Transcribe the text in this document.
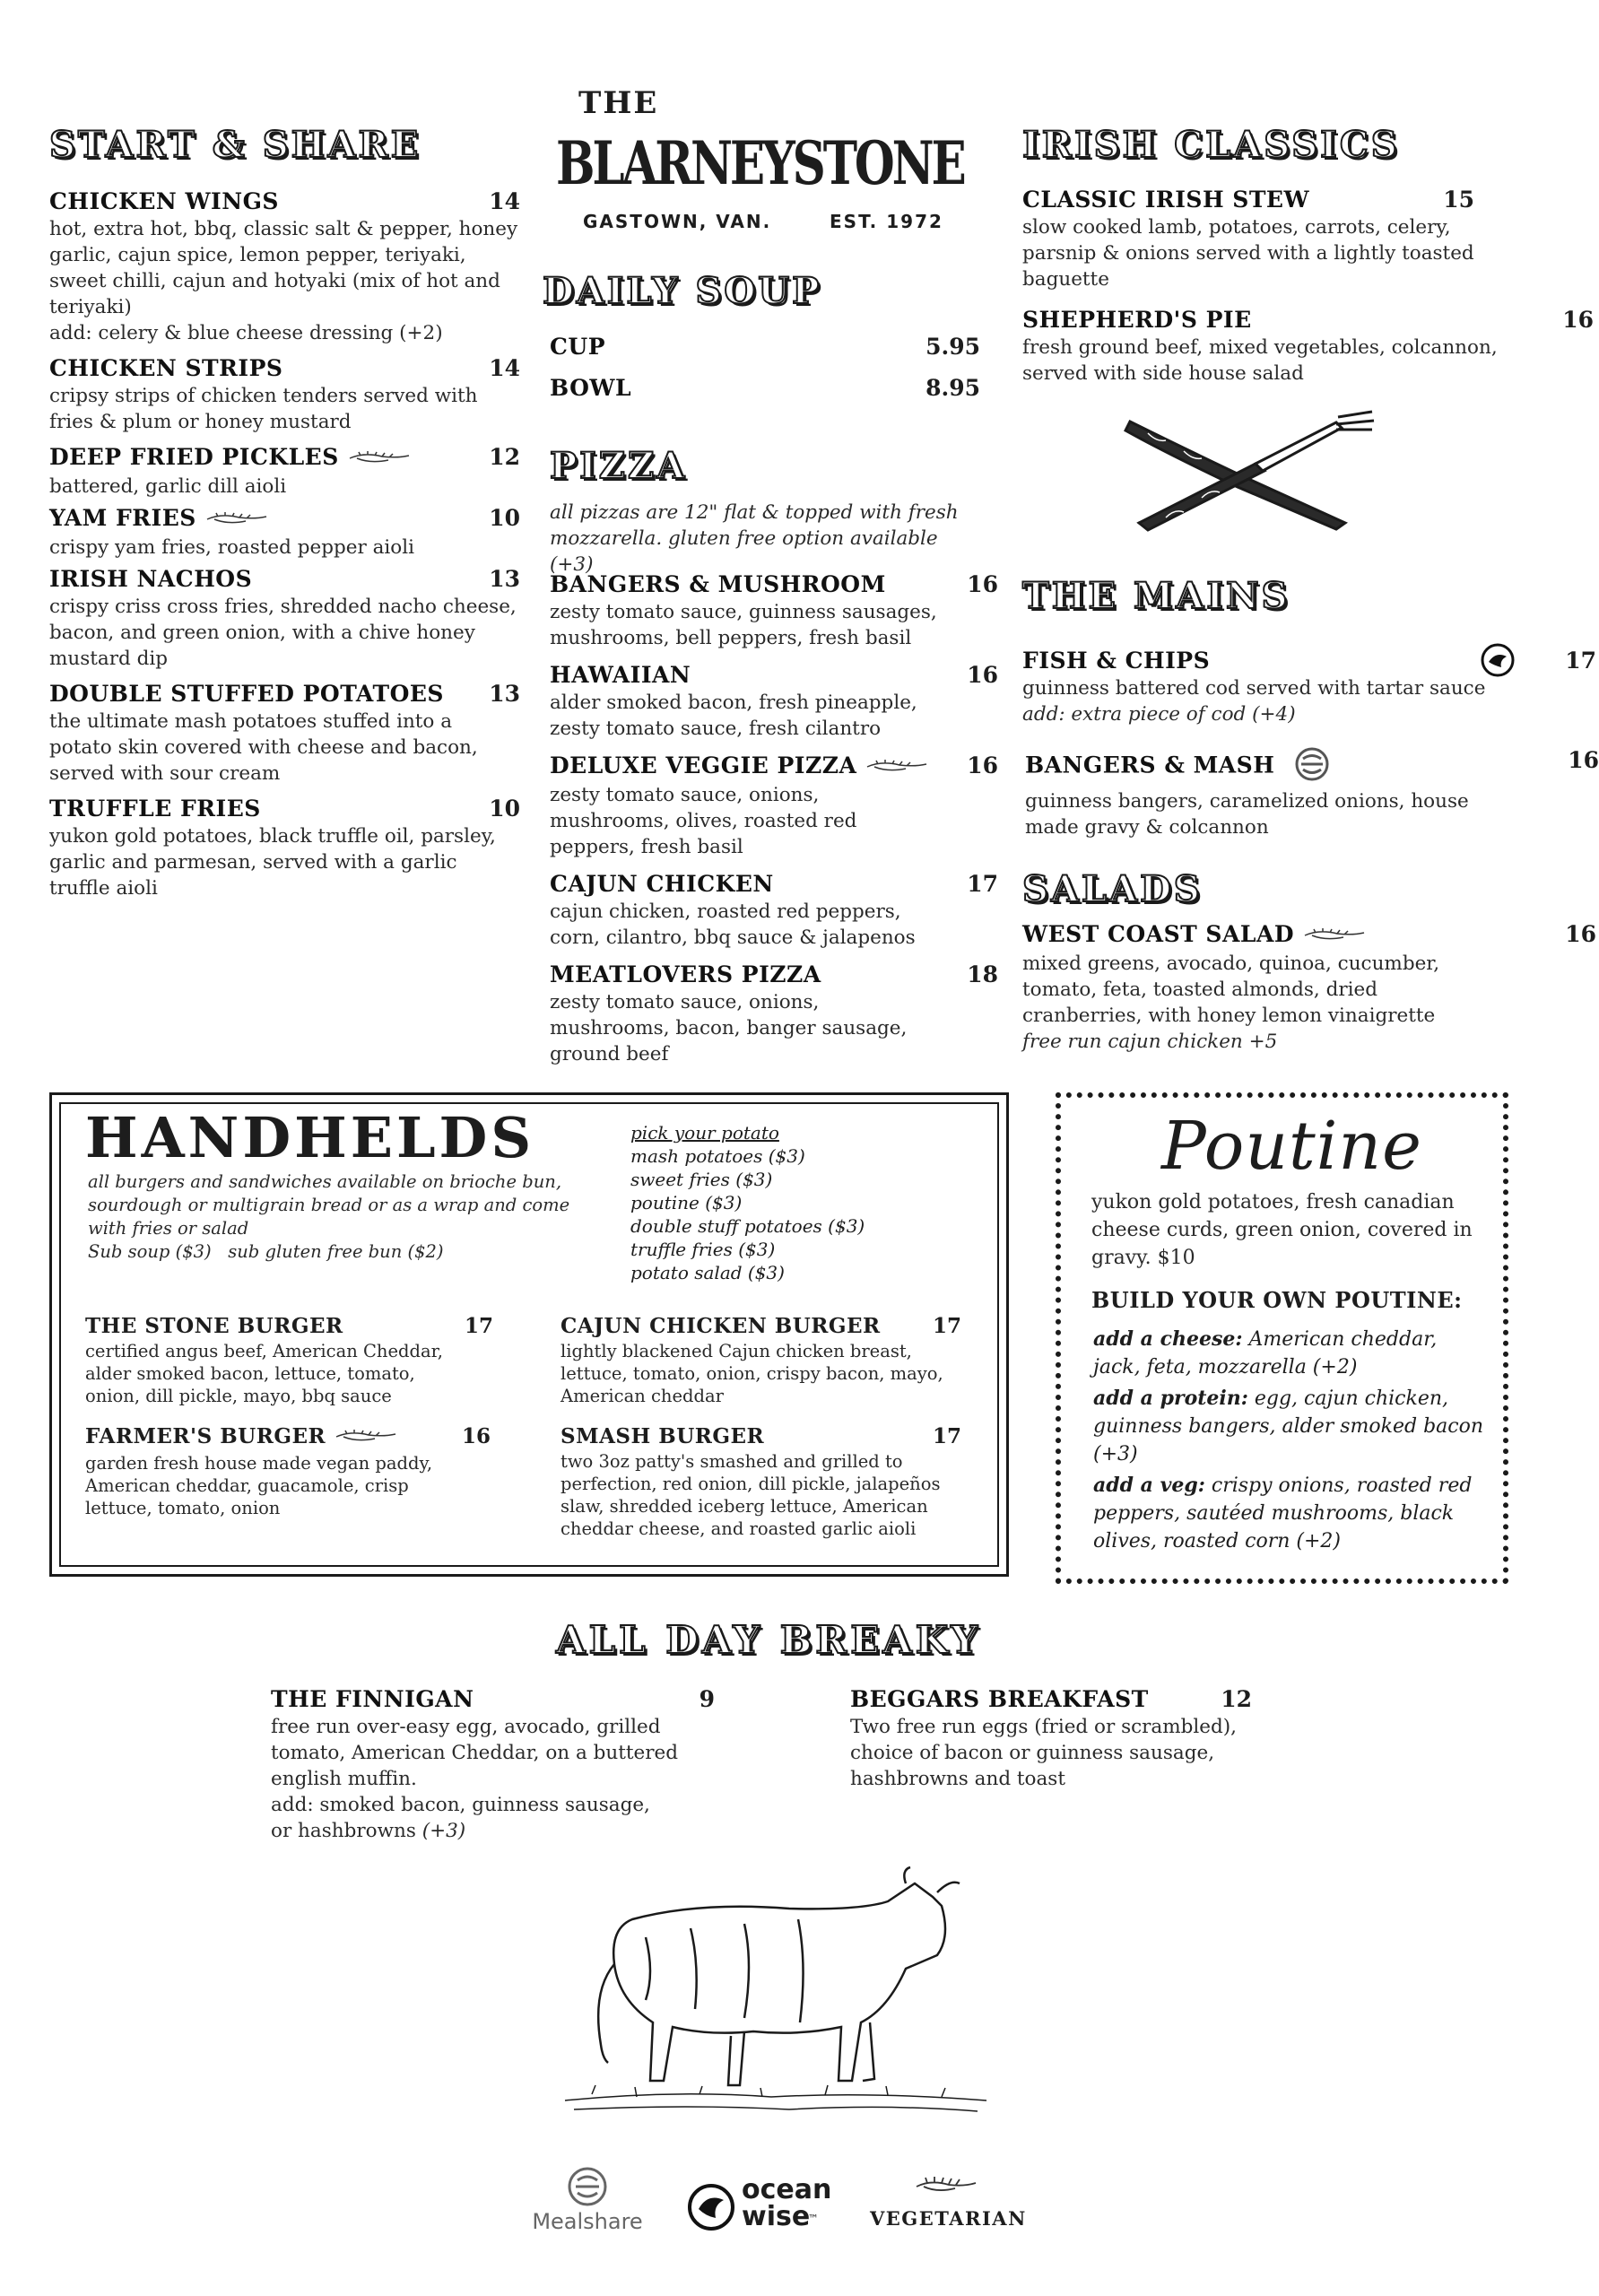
THE
BLARNEYSTONE
GASTOWN, VAN.	EST. 1972
START & SHARE
CHICKEN WINGS	14
hot, extra hot, bbq, classic salt & pepper, honey garlic, cajun spice, lemon pepper, teriyaki, sweet chilli, cajun and hotyaki (mix of hot and teriyaki)
add: celery & blue cheese dressing (+2)
CHICKEN STRIPS	14
cripsy strips of chicken tenders served with fries & plum or honey mustard
DEEP FRIED PICKLES	12
battered, garlic dill aioli
YAM FRIES	10
crispy yam fries, roasted pepper aioli
IRISH NACHOS	13
crispy criss cross fries, shredded nacho cheese, bacon, and green onion, with a chive honey mustard dip
DOUBLE STUFFED POTATOES	13
the ultimate mash potatoes stuffed into a potato skin covered with cheese and bacon, served with sour cream
TRUFFLE FRIES	10
yukon gold potatoes, black truffle oil, parsley, garlic and parmesan, served with a garlic truffle aioli
DAILY SOUP
CUP	5.95
BOWL	8.95
PIZZA
all pizzas are 12" flat & topped with fresh mozzarella. gluten free option available (+3)
BANGERS & MUSHROOM	16
zesty tomato sauce, guinness sausages, mushrooms, bell peppers, fresh basil
HAWAIIAN	16
alder smoked bacon, fresh pineapple, zesty tomato sauce, fresh cilantro
DELUXE VEGGIE PIZZA	16
zesty tomato sauce, onions, mushrooms, olives, roasted red peppers, fresh basil
CAJUN CHICKEN	17
cajun chicken, roasted red peppers, corn, cilantro, bbq sauce & jalapenos
MEATLOVERS PIZZA	18
zesty tomato sauce, onions, mushrooms, bacon, banger sausage, ground beef
IRISH CLASSICS
CLASSIC IRISH STEW	15
slow cooked lamb, potatoes, carrots, celery, parsnip & onions served with a lightly toasted baguette
SHEPHERD'S PIE	16
fresh ground beef, mixed vegetables, colcannon, served with side house salad
THE MAINS
FISH & CHIPS	17
guinness battered cod served with tartar sauce
add: extra piece of cod (+4)
BANGERS & MASH	16
guinness bangers, caramelized onions, house made gravy & colcannon
SALADS
WEST COAST SALAD	16
mixed greens, avocado, quinoa, cucumber, tomato, feta, toasted almonds, dried cranberries, with honey lemon vinaigrette
free run cajun chicken +5
HANDHELDS
all burgers and sandwiches available on brioche bun, sourdough or multigrain bread or as a wrap and come with fries or salad
Sub soup ($3)   sub gluten free bun ($2)
pick your potato
mash potatoes ($3)
sweet fries ($3)
poutine ($3)
double stuff potatoes ($3)
truffle fries ($3)
potato salad ($3)
THE STONE BURGER	17
certified angus beef, American Cheddar, alder smoked bacon, lettuce, tomato, onion, dill pickle, mayo, bbq sauce
CAJUN CHICKEN BURGER	17
lightly blackened Cajun chicken breast, lettuce, tomato, onion, crispy bacon, mayo, American cheddar
FARMER'S BURGER	16
garden fresh house made vegan paddy, American cheddar, guacamole, crisp lettuce, tomato, onion
SMASH BURGER	17
two 3oz patty's smashed and grilled to perfection, red onion, dill pickle, jalapeños slaw, shredded iceberg lettuce, American cheddar cheese, and roasted garlic aioli
Poutine
yukon gold potatoes, fresh canadian cheese curds, green onion, covered in gravy. $10
BUILD YOUR OWN POUTINE:
add a cheese: American cheddar, jack, feta, mozzarella (+2)
add a protein: egg, cajun chicken, guinness bangers, alder smoked bacon (+3)
add a veg: crispy onions, roasted red peppers, sautéed mushrooms, black olives, roasted corn (+2)
ALL DAY BREAKY
THE FINNIGAN	9
free run over-easy egg, avocado, grilled tomato, American Cheddar, on a buttered english muffin.
add: smoked bacon, guinness sausage,
or hashbrowns (+3)
BEGGARS BREAKFAST	12
Two free run eggs (fried or scrambled), choice of bacon or guinness sausage, hashbrowns and toast
Mealshare
ocean
wise
™	VEGETARIAN
